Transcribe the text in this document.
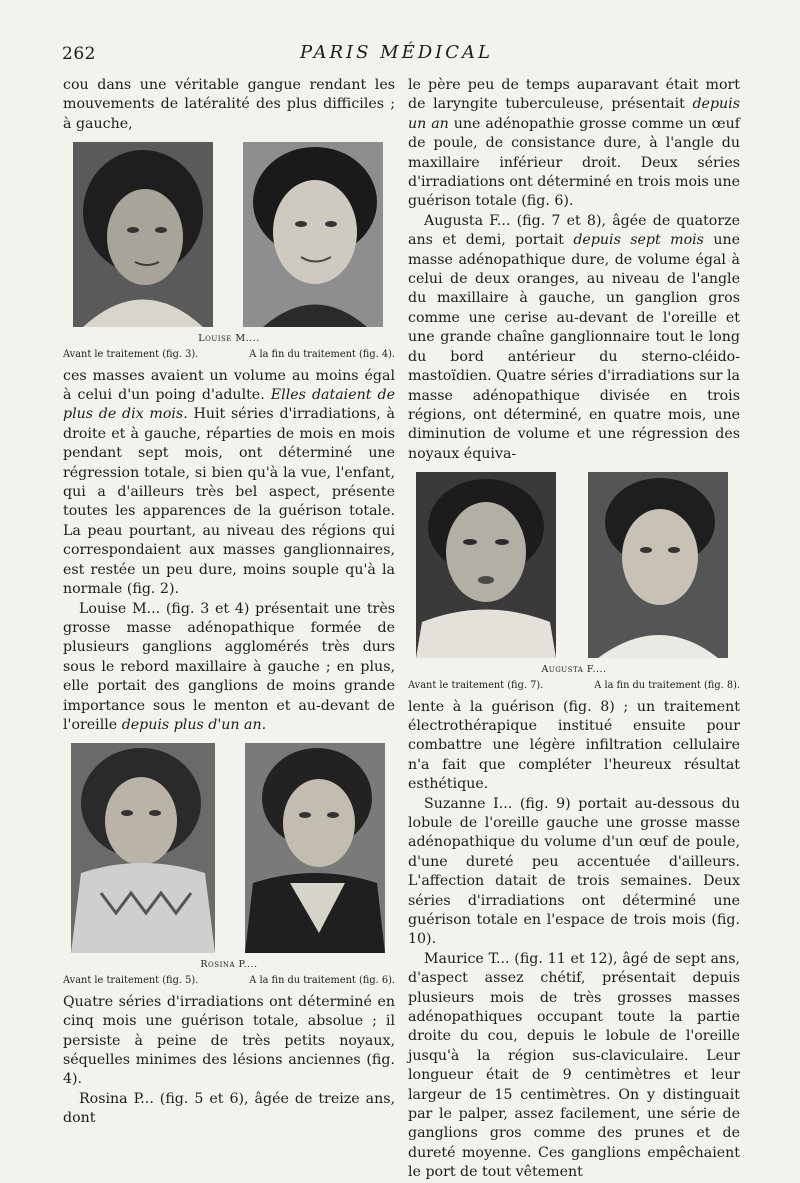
262	PARIS MÉDICAL

cou dans une véritable gangue rendant les mouvements de latéralité des plus difficiles ; à gauche,

Louise M....
Avant le traitement (fig. 3).	A la fin du traitement (fig. 4).

ces masses avaient un volume au moins égal à celui d'un poing d'adulte. Elles dataient de plus de dix mois. Huit séries d'irradiations, à droite et à gauche, réparties de mois en mois pendant sept mois, ont déterminé une régression totale, si bien qu'à la vue, l'enfant, qui a d'ailleurs très bel aspect, présente toutes les apparences de la guérison totale. La peau pourtant, au niveau des régions qui correspondaient aux masses ganglionnaires, est restée un peu dure, moins souple qu'à la normale (fig. 2).

Louise M... (fig. 3 et 4) présentait une très grosse masse adénopathique formée de plusieurs ganglions agglomérés très durs sous le rebord maxillaire à gauche ; en plus, elle portait des ganglions de moins grande importance sous le menton et au-devant de l'oreille depuis plus d'un an.

Rosina P....
Avant le traitement (fig. 5).	A la fin du traitement (fig. 6).

Quatre séries d'irradiations ont déterminé en cinq mois une guérison totale, absolue ; il persiste à peine de très petits noyaux, séquelles minimes des lésions anciennes (fig. 4).

Rosina P... (fig. 5 et 6), âgée de treize ans, dont

le père peu de temps auparavant était mort de laryngite tuberculeuse, présentait depuis un an une adénopathie grosse comme un œuf de poule, de consistance dure, à l'angle du maxillaire inférieur droit. Deux séries d'irradiations ont déterminé en trois mois une guérison totale (fig. 6).

Augusta F... (fig. 7 et 8), âgée de quatorze ans et demi, portait depuis sept mois une masse adénopathique dure, de volume égal à celui de deux oranges, au niveau de l'angle du maxillaire à gauche, un ganglion gros comme une cerise au-devant de l'oreille et une grande chaîne ganglionnaire tout le long du bord antérieur du sterno-cléido-mastoïdien. Quatre séries d'irradiations sur la masse adénopathique divisée en trois régions, ont déterminé, en quatre mois, une diminution de volume et une régression des noyaux équiva-

Augusta F....
Avant le traitement (fig. 7).	A la fin du traitement (fig. 8).

lente à la guérison (fig. 8) ; un traitement électrothérapique institué ensuite pour combattre une légère infiltration cellulaire n'a fait que compléter l'heureux résultat esthétique.

Suzanne I... (fig. 9) portait au-dessous du lobule de l'oreille gauche une grosse masse adénopathique du volume d'un œuf de poule, d'une dureté peu accentuée d'ailleurs. L'affection datait de trois semaines. Deux séries d'irradiations ont déterminé une guérison totale en l'espace de trois mois (fig. 10).

Maurice T... (fig. 11 et 12), âgé de sept ans, d'aspect assez chétif, présentait depuis plusieurs mois de très grosses masses adénopathiques occupant toute la partie droite du cou, depuis le lobule de l'oreille jusqu'à la région sus-claviculaire. Leur longueur était de 9 centimètres et leur largeur de 15 centimètres. On y distinguait par le palper, assez facilement, une série de ganglions gros comme des prunes et de dureté moyenne. Ces ganglions empêchaient le port de tout vêtement
